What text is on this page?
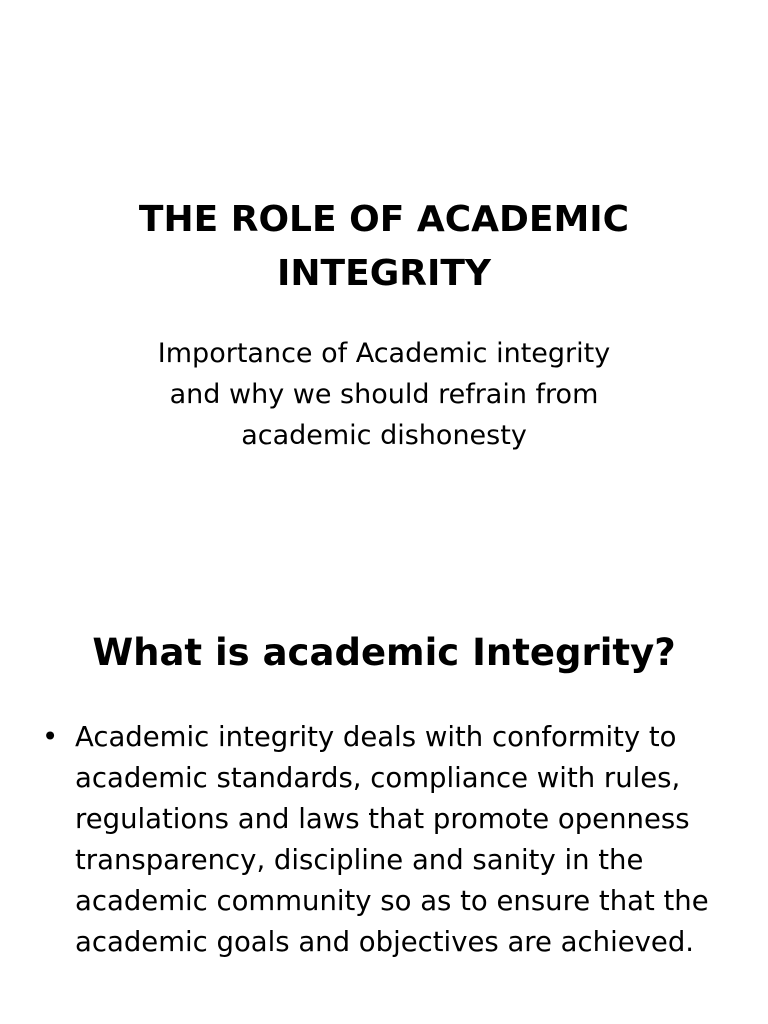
THE ROLE OF ACADEMIC
INTEGRITY

Importance of Academic integrity
and why we should refrain from
academic dishonesty

What is academic Integrity?
• Academic integrity deals with conformity to
academic standards, compliance with rules,
regulations and laws that promote openness
transparency, discipline and sanity in the
academic community so as to ensure that the
academic goals and objectives are achieved.
